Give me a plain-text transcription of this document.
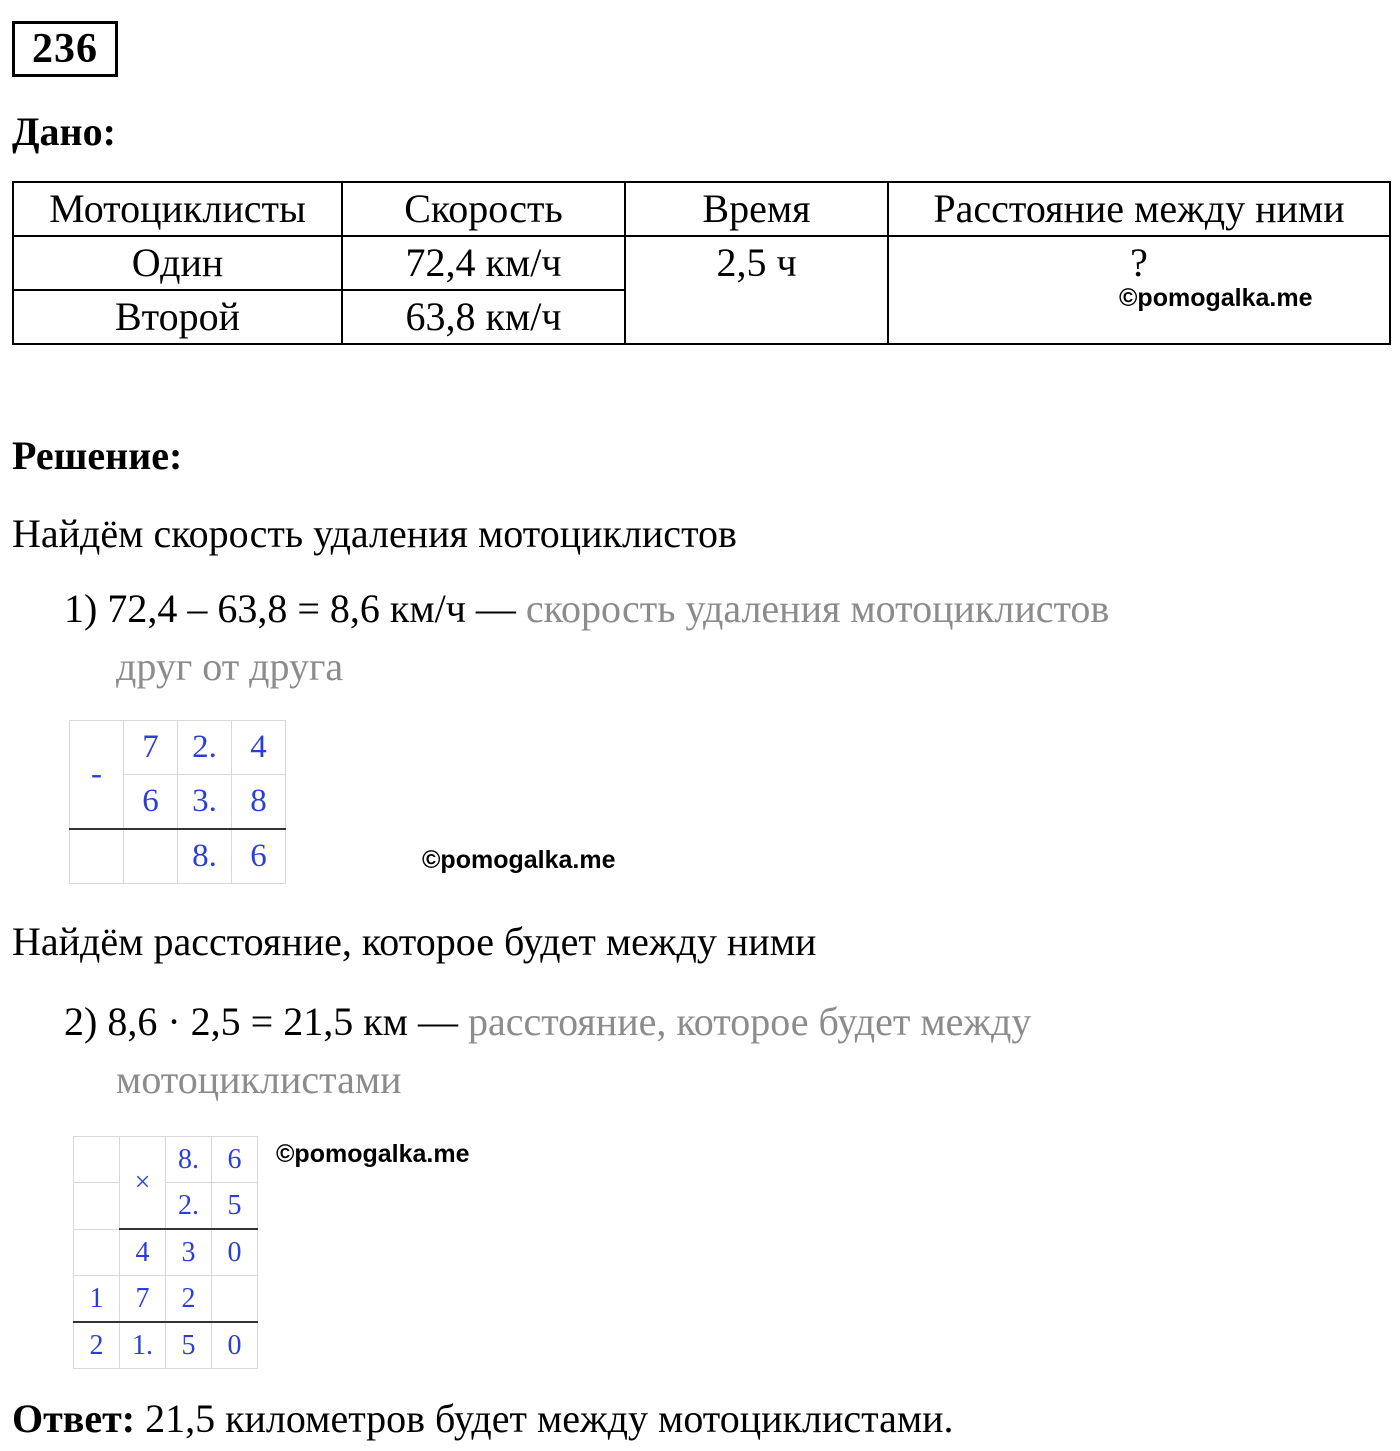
236
Дано:
Мотоциклисты	Скорость	Время	Расстояние между ними
Один	72,4 км/ч	2,5 ч	?
©pomogalka.me

Второй	63,8 км/ч		
Решение:
Найдём скорость удаления мотоциклистов
1) 72,4 – 63,8 = 8,6 км/ч — скорость удаления мотоциклистов
друг от друга
-	7	2.	4
	6	3.	8
		8.	6	©pomogalka.me
Найдём расстояние, которое будет между ними
2) 8,6 · 2,5 = 21,5 км — расстояние, которое будет между
мотоциклистами
	×	8.	6
		2.	5
	4	3	0
1	7	2	
2	1.	5	0
©pomogalka.me
Ответ: 21,5 километров будет между мотоциклистами.
